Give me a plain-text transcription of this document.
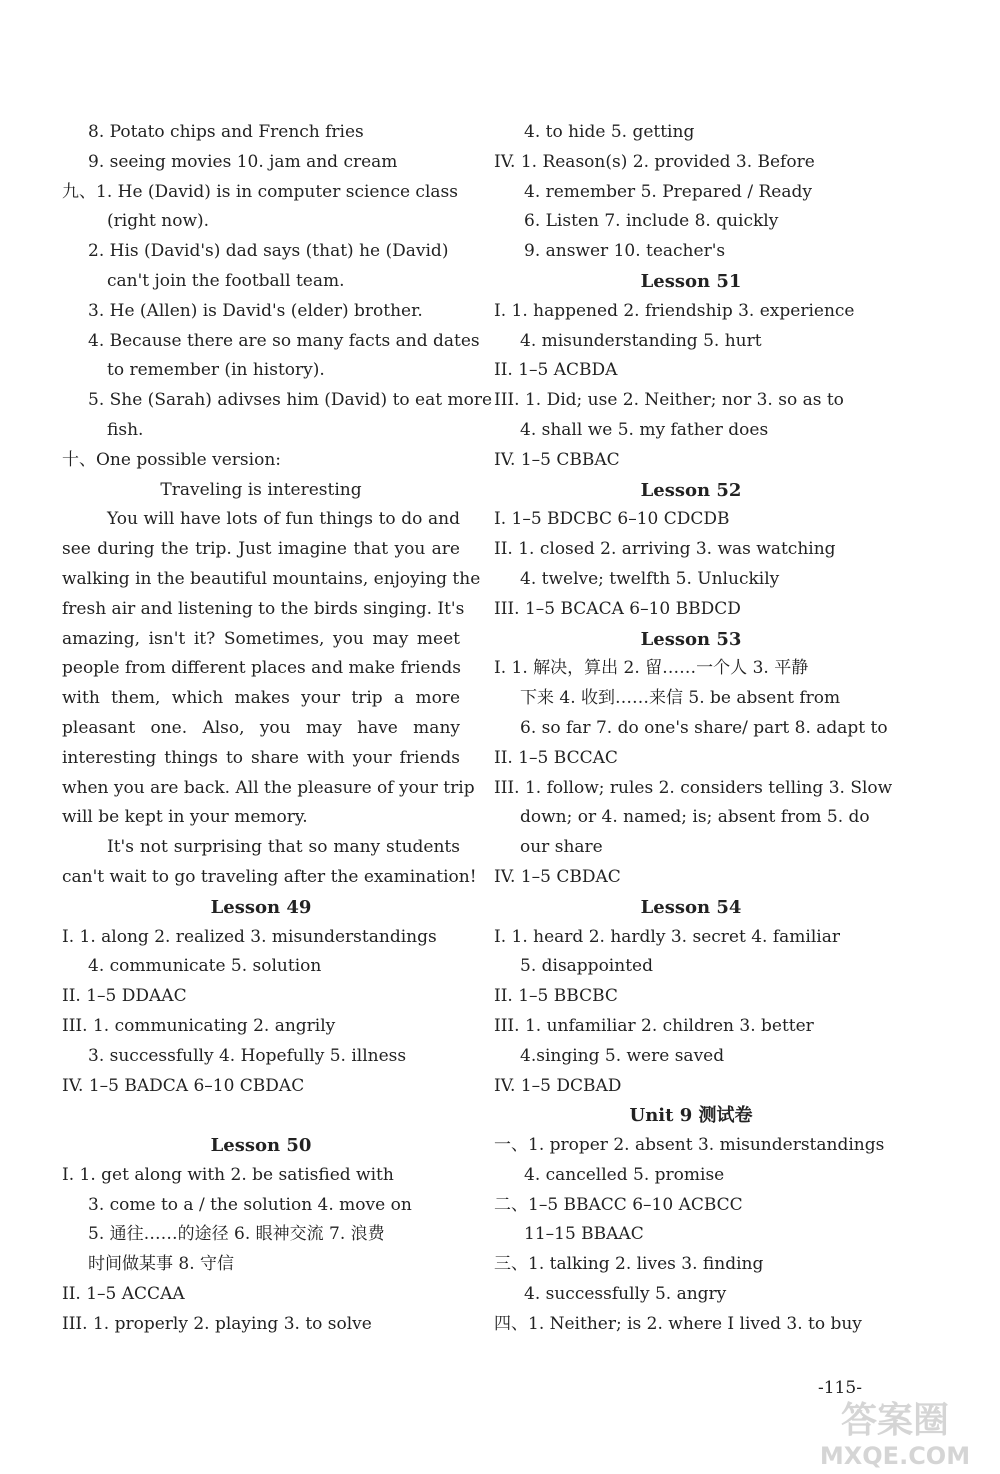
8. Potato chips and French fries
9. seeing movies 10. jam and cream
九、1. He (David) is in computer science class
(right now).
2. His (David's) dad says (that) he (David)
can't join the football team.
3. He (Allen) is David's (elder) brother.
4. Because there are so many facts and dates
to remember (in history).
5. She (Sarah) adivses him (David) to eat more
fish.
十、One possible version:
Traveling is interesting
You will have lots of fun things to do and
see during the trip. Just imagine that you are
walking in the beautiful mountains, enjoying the
fresh air and listening to the birds singing. It's
amazing, isn't it? Sometimes, you may meet
people from different places and make friends
with them, which makes your trip a more
pleasant one. Also, you may have many
interesting things to share with your friends
when you are back. All the pleasure of your trip
will be kept in your memory.
It's not surprising that so many students
can't wait to go traveling after the examination!
Lesson 49
I. 1. along 2. realized 3. misunderstandings
4. communicate 5. solution
II. 1–5 DDAAC
III. 1. communicating 2. angrily
3. successfully 4. Hopefully 5. illness
IV. 1–5 BADCA 6–10 CBDAC
Lesson 50
I. 1. get along with 2. be satisfied with
3. come to a / the solution 4. move on
5. 通往……的途径 6. 眼神交流 7. 浪费
时间做某事 8. 守信
II. 1–5 ACCAA
III. 1. properly 2. playing 3. to solve
4. to hide 5. getting
IV. 1. Reason(s) 2. provided 3. Before
4. remember 5. Prepared / Ready
6. Listen 7. include 8. quickly
9. answer 10. teacher's
Lesson 51
I. 1. happened 2. friendship 3. experience
4. misunderstanding 5. hurt
II. 1–5 ACBDA
III. 1. Did; use 2. Neither; nor 3. so as to
4. shall we 5. my father does
IV. 1–5 CBBAC
Lesson 52
I. 1–5 BDCBC 6–10 CDCDB
II. 1. closed 2. arriving 3. was watching
4. twelve; twelfth 5. Unluckily
III. 1–5 BCACA 6–10 BBDCD
Lesson 53
I. 1. 解决，算出 2. 留……一个人 3. 平静
下来 4. 收到……来信 5. be absent from
6. so far 7. do one's share/ part 8. adapt to
II. 1–5 BCCAC
III. 1. follow; rules 2. considers telling 3. Slow
down; or 4. named; is; absent from 5. do
our share
IV. 1–5 CBDAC
Lesson 54
I. 1. heard 2. hardly 3. secret 4. familiar
5. disappointed
II. 1–5 BBCBC
III. 1. unfamiliar 2. children 3. better
4.singing 5. were saved
IV. 1–5 DCBAD
Unit 9 测试卷
一、1. proper 2. absent 3. misunderstandings
4. cancelled 5. promise
二、1–5 BBACC 6–10 ACBCC
11–15 BBAAC
三、1. talking 2. lives 3. finding
4. successfully 5. angry
四、1. Neither; is 2. where I lived 3. to buy
-115-
答案圈
MXQE.COM
